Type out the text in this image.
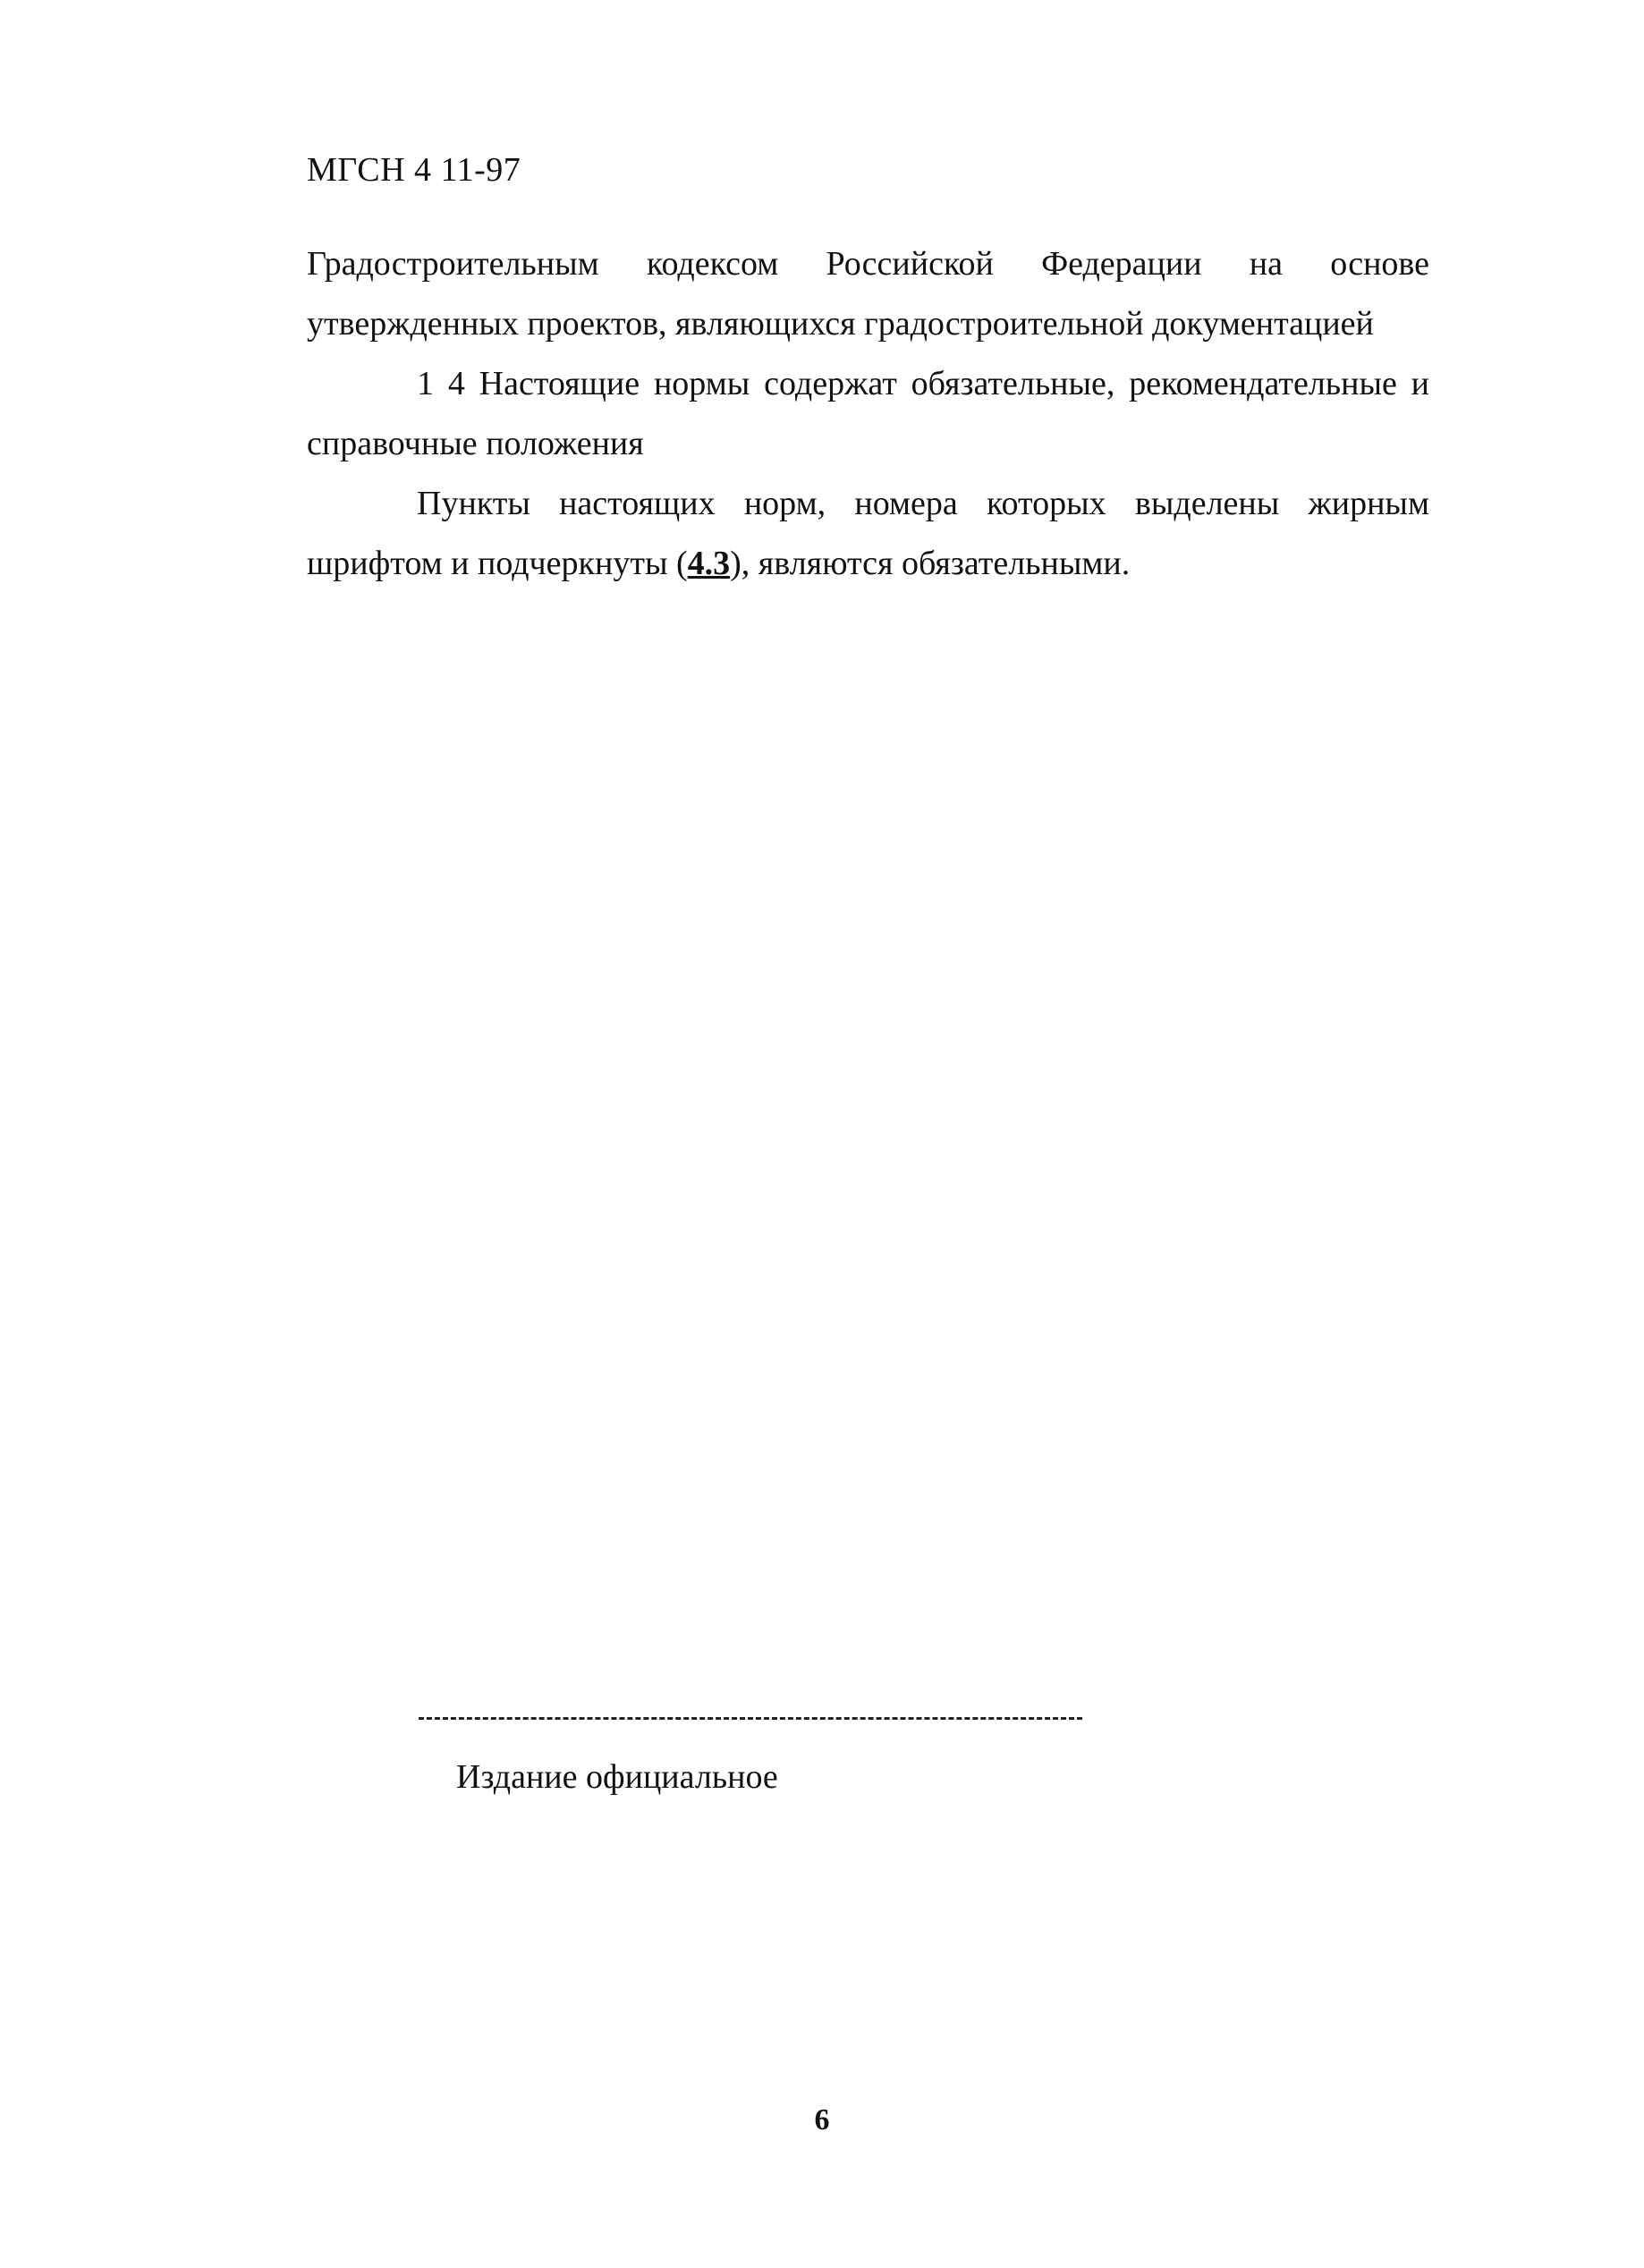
МГСН 4 11-97
Градостроительным кодексом Российской Федерации на основе
утвержденных проектов, являющихся градостроительной документацией
1 4 Настоящие нормы содержат обязательные, рекомендательные и
справочные положения
Пункты настоящих норм, номера которых выделены жирным
шрифтом и подчеркнуты (4.3), являются обязательными.
Издание официальное
6
